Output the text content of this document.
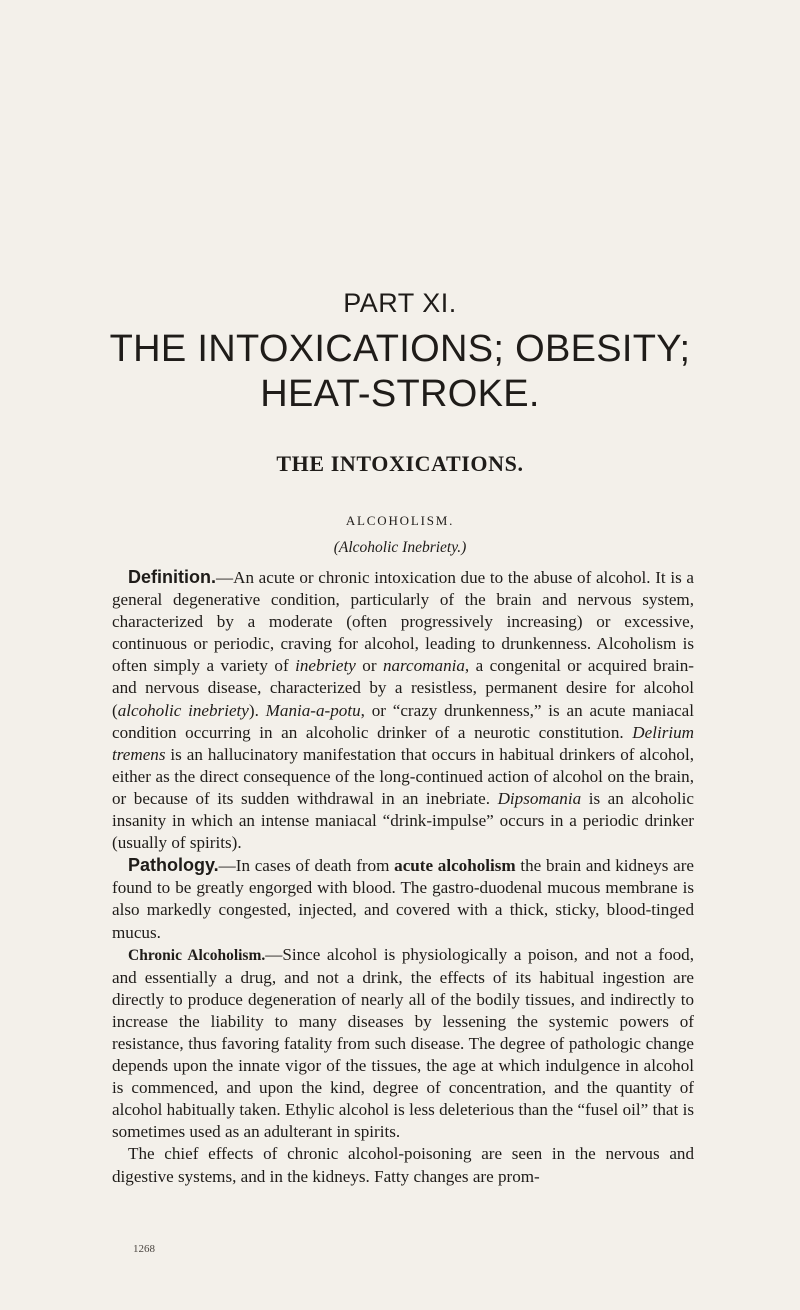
PART XI.
THE INTOXICATIONS; OBESITY; HEAT-STROKE.
THE INTOXICATIONS.
ALCOHOLISM.
(Alcoholic Inebriety.)

Definition.—An acute or chronic intoxication due to the abuse of alcohol. It is a general degenerative condition, particularly of the brain and nervous system, characterized by a moderate (often progressively increasing) or excessive, continuous or periodic, craving for alcohol, leading to drunkenness. Alcoholism is often simply a variety of inebriety or narcomania, a congenital or acquired brain- and nervous disease, characterized by a resistless, permanent desire for alcohol (alcoholic inebriety). Mania-a-potu, or “crazy drunkenness,” is an acute maniacal condition occurring in an alcoholic drinker of a neurotic constitution. Delirium tremens is an hallucinatory manifestation that occurs in habitual drinkers of alcohol, either as the direct consequence of the long-continued action of alcohol on the brain, or because of its sudden withdrawal in an inebriate. Dipsomania is an alcoholic insanity in which an intense maniacal “drink-impulse” occurs in a periodic drinker (usually of spirits).

Pathology.—In cases of death from acute alcoholism the brain and kidneys are found to be greatly engorged with blood. The gastro-duodenal mucous membrane is also markedly congested, injected, and covered with a thick, sticky, blood-tinged mucus.

Chronic Alcoholism.—Since alcohol is physiologically a poison, and not a food, and essentially a drug, and not a drink, the effects of its habitual ingestion are directly to produce degeneration of nearly all of the bodily tissues, and indirectly to increase the liability to many diseases by lessening the systemic powers of resistance, thus favoring fatality from such disease. The degree of pathologic change depends upon the innate vigor of the tissues, the age at which indulgence in alcohol is commenced, and upon the kind, degree of concentration, and the quantity of alcohol habitually taken. Ethylic alcohol is less deleterious than the “fusel oil” that is sometimes used as an adulterant in spirits.

The chief effects of chronic alcohol-poisoning are seen in the nervous and digestive systems, and in the kidneys. Fatty changes are prom-

1268
